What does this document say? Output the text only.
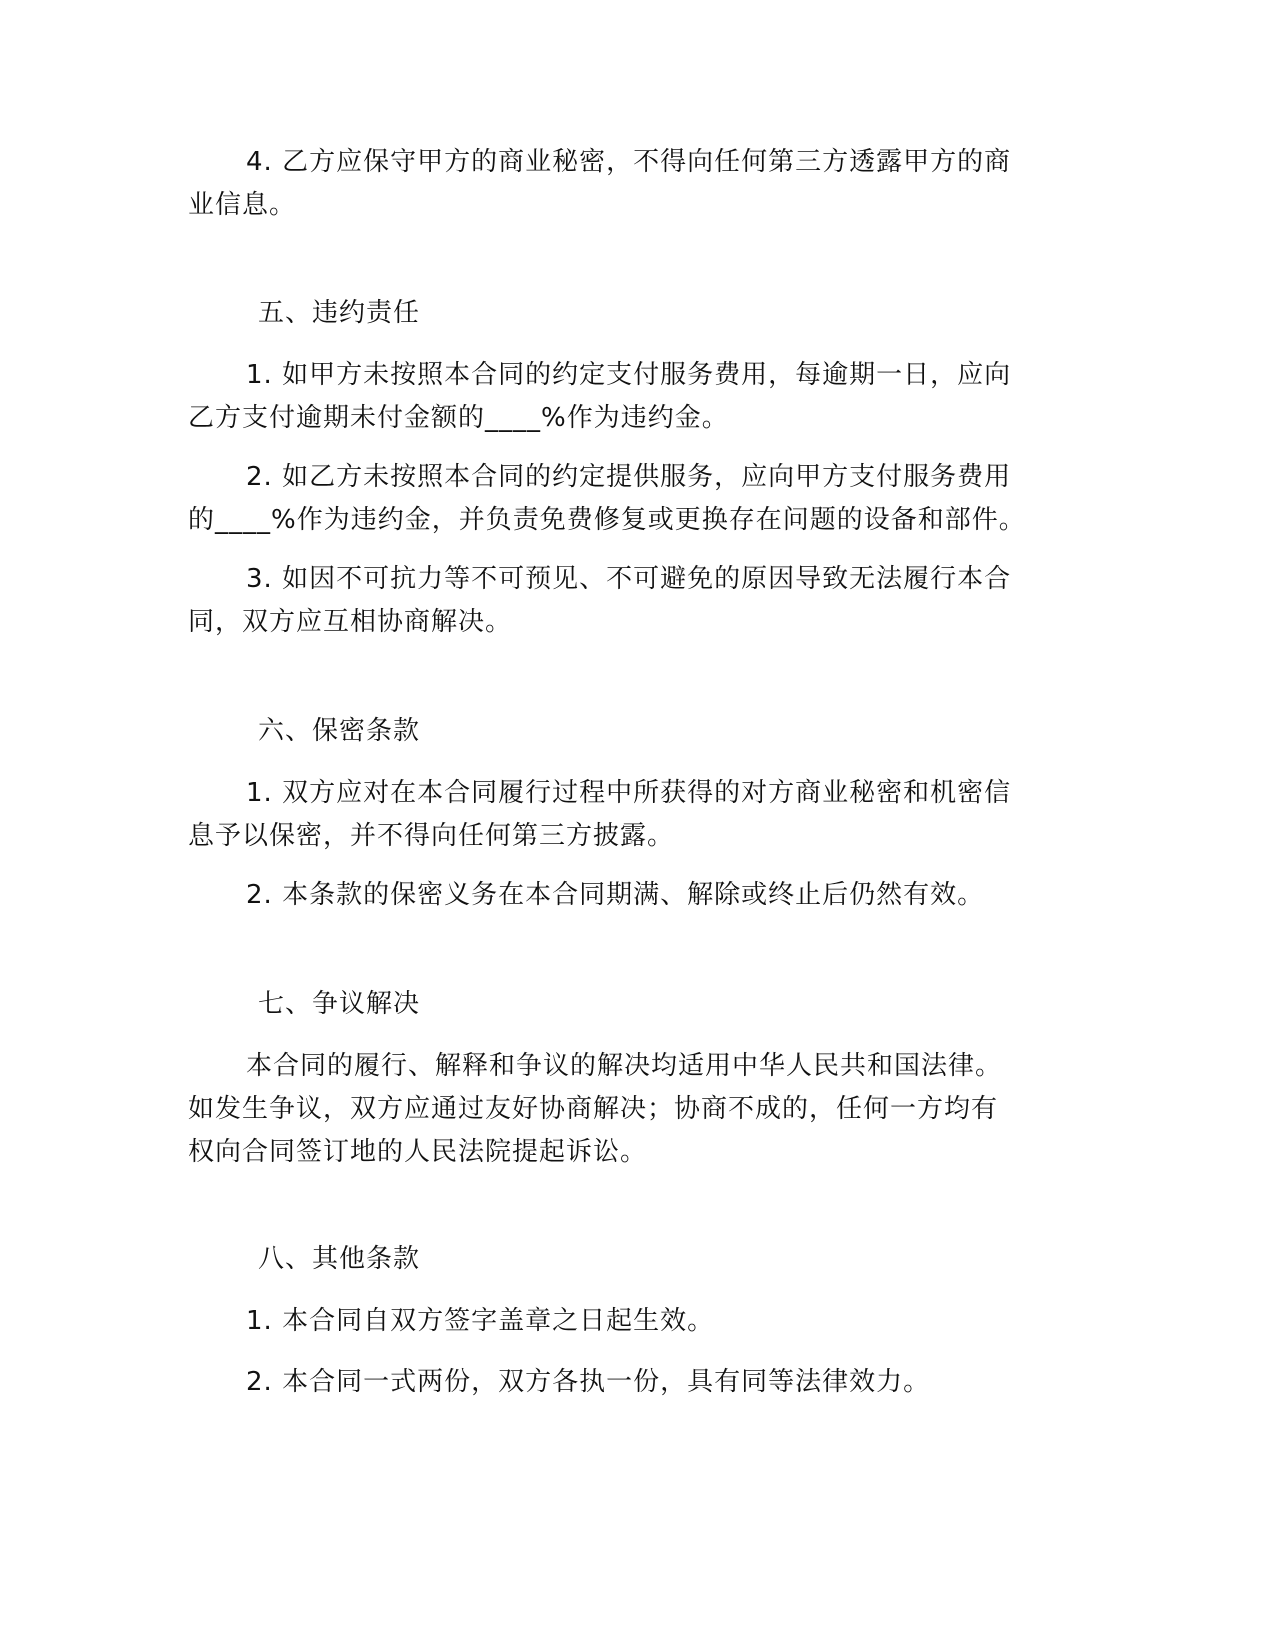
4. 乙方应保守甲方的商业秘密，不得向任何第三方透露甲方的商
业信息。
五、违约责任
1. 如甲方未按照本合同的约定支付服务费用，每逾期一日，应向
乙方支付逾期未付金额的____%作为违约金。
2. 如乙方未按照本合同的约定提供服务，应向甲方支付服务费用
的____%作为违约金，并负责免费修复或更换存在问题的设备和部件。
3. 如因不可抗力等不可预见、不可避免的原因导致无法履行本合
同，双方应互相协商解决。
六、保密条款
1. 双方应对在本合同履行过程中所获得的对方商业秘密和机密信
息予以保密，并不得向任何第三方披露。
2. 本条款的保密义务在本合同期满、解除或终止后仍然有效。
七、争议解决
本合同的履行、解释和争议的解决均适用中华人民共和国法律。
如发生争议，双方应通过友好协商解决；协商不成的，任何一方均有
权向合同签订地的人民法院提起诉讼。
八、其他条款
1. 本合同自双方签字盖章之日起生效。
2. 本合同一式两份，双方各执一份，具有同等法律效力。
